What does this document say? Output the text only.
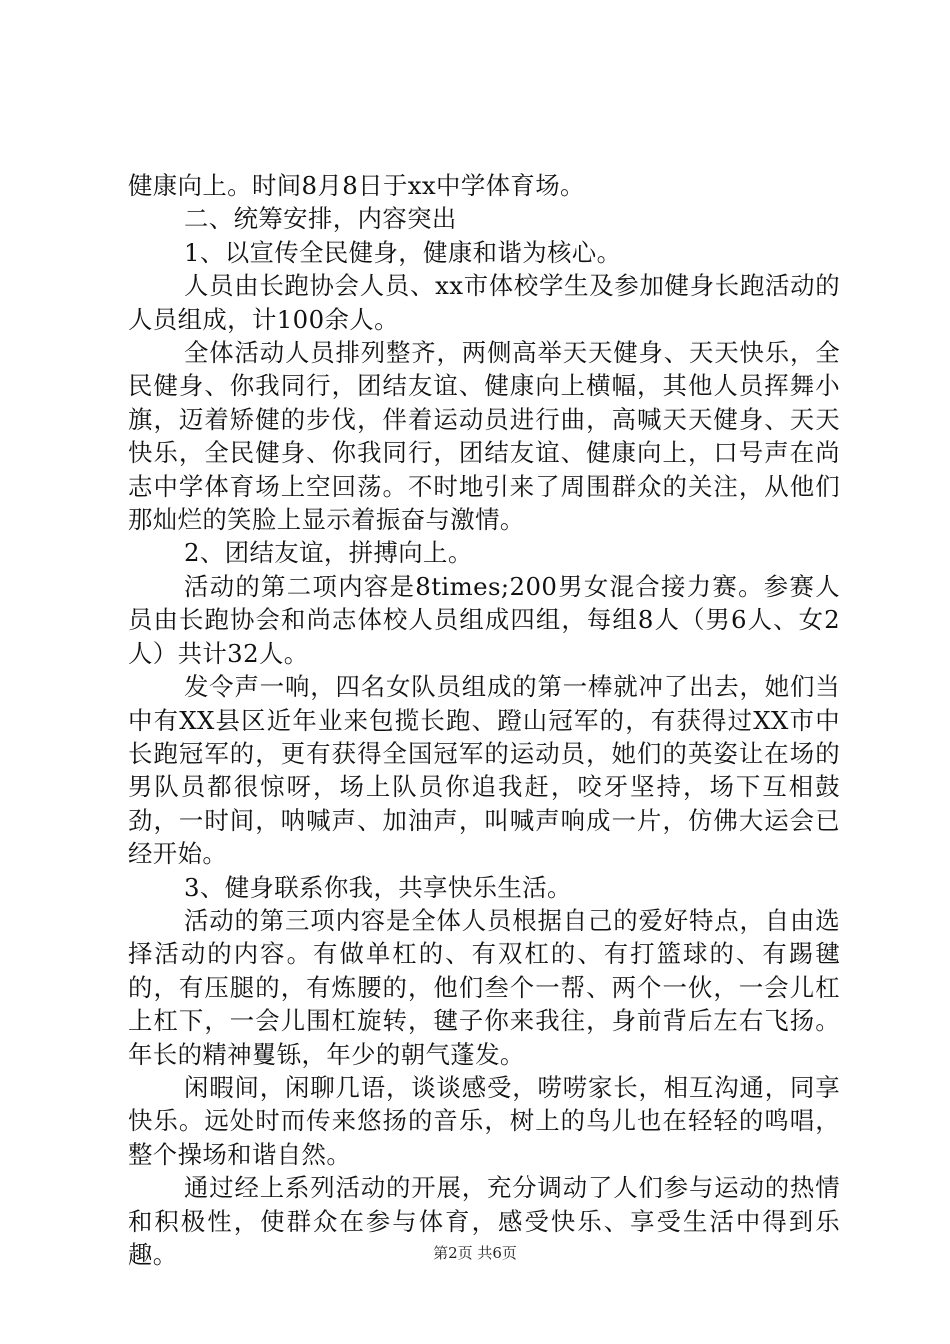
健康向上。时间8月8日于xx中学体育场。

二、统筹安排，内容突出

1、以宣传全民健身，健康和谐为核心。

人员由长跑协会人员、xx市体校学生及参加健身长跑活动的人员组成，计100余人。

全体活动人员排列整齐，两侧高举天天健身、天天快乐，全民健身、你我同行，团结友谊、健康向上横幅，其他人员挥舞小旗，迈着矫健的步伐，伴着运动员进行曲，高喊天天健身、天天快乐，全民健身、你我同行，团结友谊、健康向上，口号声在尚志中学体育场上空回荡。不时地引来了周围群众的关注，从他们那灿烂的笑脸上显示着振奋与激情。

2、团结友谊，拼搏向上。

活动的第二项内容是8times;200男女混合接力赛。参赛人员由长跑协会和尚志体校人员组成四组，每组8人（男6人、女2人）共计32人。

发令声一响，四名女队员组成的第一棒就冲了出去，她们当中有XX县区近年业来包揽长跑、蹬山冠军的，有获得过XX市中长跑冠军的，更有获得全国冠军的运动员，她们的英姿让在场的男队员都很惊呀，场上队员你追我赶，咬牙坚持，场下互相鼓劲，一时间，呐喊声、加油声，叫喊声响成一片，仿佛大运会已经开始。

3、健身联系你我，共享快乐生活。

活动的第三项内容是全体人员根据自己的爱好特点，自由选择活动的内容。有做单杠的、有双杠的、有打篮球的、有踢毽的，有压腿的，有炼腰的，他们叁个一帮、两个一伙，一会儿杠上杠下，一会儿围杠旋转，毽子你来我往，身前背后左右飞扬。年长的精神矍铄，年少的朝气蓬发。

闲暇间，闲聊几语，谈谈感受，唠唠家长，相互沟通，同享快乐。远处时而传来悠扬的音乐，树上的鸟儿也在轻轻的鸣唱，整个操场和谐自然。

通过经上系列活动的开展，充分调动了人们参与运动的热情和积极性，使群众在参与体育，感受快乐、享受生活中得到乐趣。	第2页 共6页
